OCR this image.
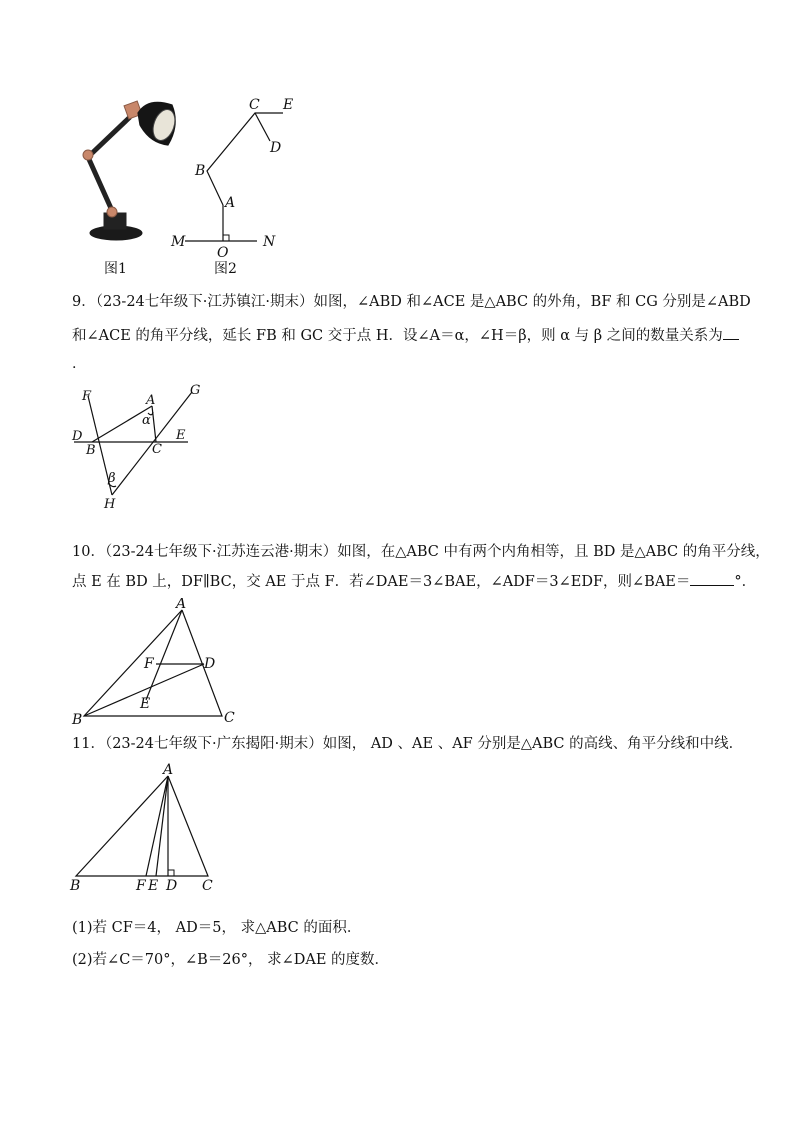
图1
C E
D
B
A
M
O
N
图2
9．（23-24七年级下·江苏镇江·期末）如图，∠ABD 和∠ACE 是△ABC 的外角，BF 和 CG 分别是∠ABD
和∠ACE 的角平分线，延长 FB 和 GC 交于点 H．设∠A＝α，∠H＝β，则 α 与 β 之间的数量关系为
.
F	A
G
α
D
B	C
E
β
H
10．（23-24七年级下·江苏连云港·期末）如图，在△ABC 中有两个内角相等，且 BD 是△ABC 的角平分线，
点 E 在 BD 上，DF∥BC，交 AE 于点 F．若∠DAE＝3∠BAE，∠ADF＝3∠EDF，则∠BAE＝	°．
A
F	D
E
B	C
11．（23-24七年级下·广东揭阳·期末）如图， AD 、AE 、AF 分别是△ABC 的高线、角平分线和中线．
A
B	F E D C
(1)若 CF＝4， AD＝5， 求△ABC 的面积．
(2)若∠C＝70°，∠B＝26°， 求∠DAE 的度数．
